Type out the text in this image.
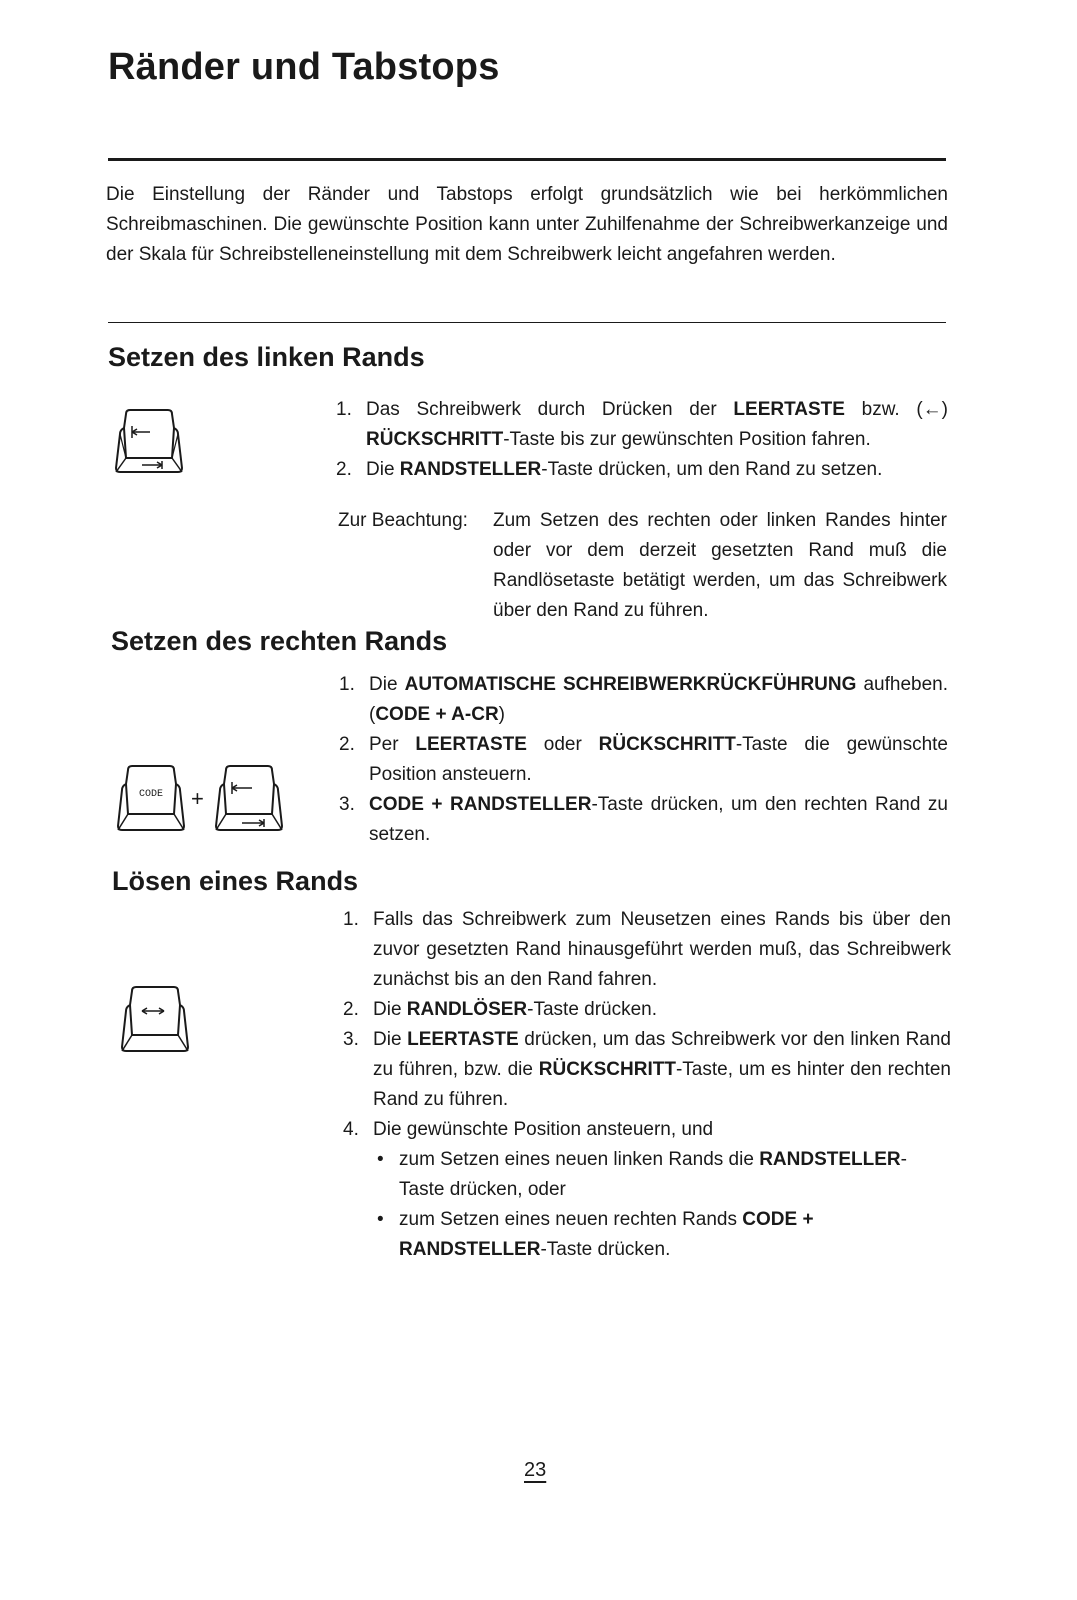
Ränder und Tabstops

Die Einstellung der Ränder und Tabstops erfolgt grundsätzlich wie bei herkömmlichen Schreibmaschinen. Die gewünschte Position kann unter Zuhilfenahme der Schreibwerkanzeige und der Skala für Schreibstelleneinstellung mit dem Schreibwerk leicht angefahren werden.

Setzen des linken Rands
1. Das Schreibwerk durch Drücken der LEERTASTE bzw. (←) RÜCKSCHRITT-Taste bis zur gewünschten Position fahren.
2. Die RANDSTELLER-Taste drücken, um den Rand zu setzen.
Zur Beachtung: Zum Setzen des rechten oder linken Randes hinter oder vor dem derzeit gesetzten Rand muß die Randlösetaste betätigt werden, um das Schreibwerk über den Rand zu führen.

Setzen des rechten Rands
CODE +
1. Die AUTOMATISCHE SCHREIBWERKRÜCKFÜHRUNG aufheben. (CODE + A-CR)
2. Per LEERTASTE oder RÜCKSCHRITT-Taste die gewünschte Position ansteuern.
3. CODE + RANDSTELLER-Taste drücken, um den rechten Rand zu setzen.
Lösen eines Rands
1. Falls das Schreibwerk zum Neusetzen eines Rands bis über den zuvor gesetzten Rand hinausgeführt werden muß, das Schreibwerk zunächst bis an den Rand fahren.
2. Die RANDLÖSER-Taste drücken.
3. Die LEERTASTE drücken, um das Schreibwerk vor den linken Rand zu führen, bzw. die RÜCKSCHRITT-Taste, um es hinter den rechten Rand zu führen.
4. Die gewünschte Position ansteuern, und
• zum Setzen eines neuen linken Rands die RANDSTELLER-Taste drücken, oder
• zum Setzen eines neuen rechten Rands CODE + RANDSTELLER-Taste drücken.
23
